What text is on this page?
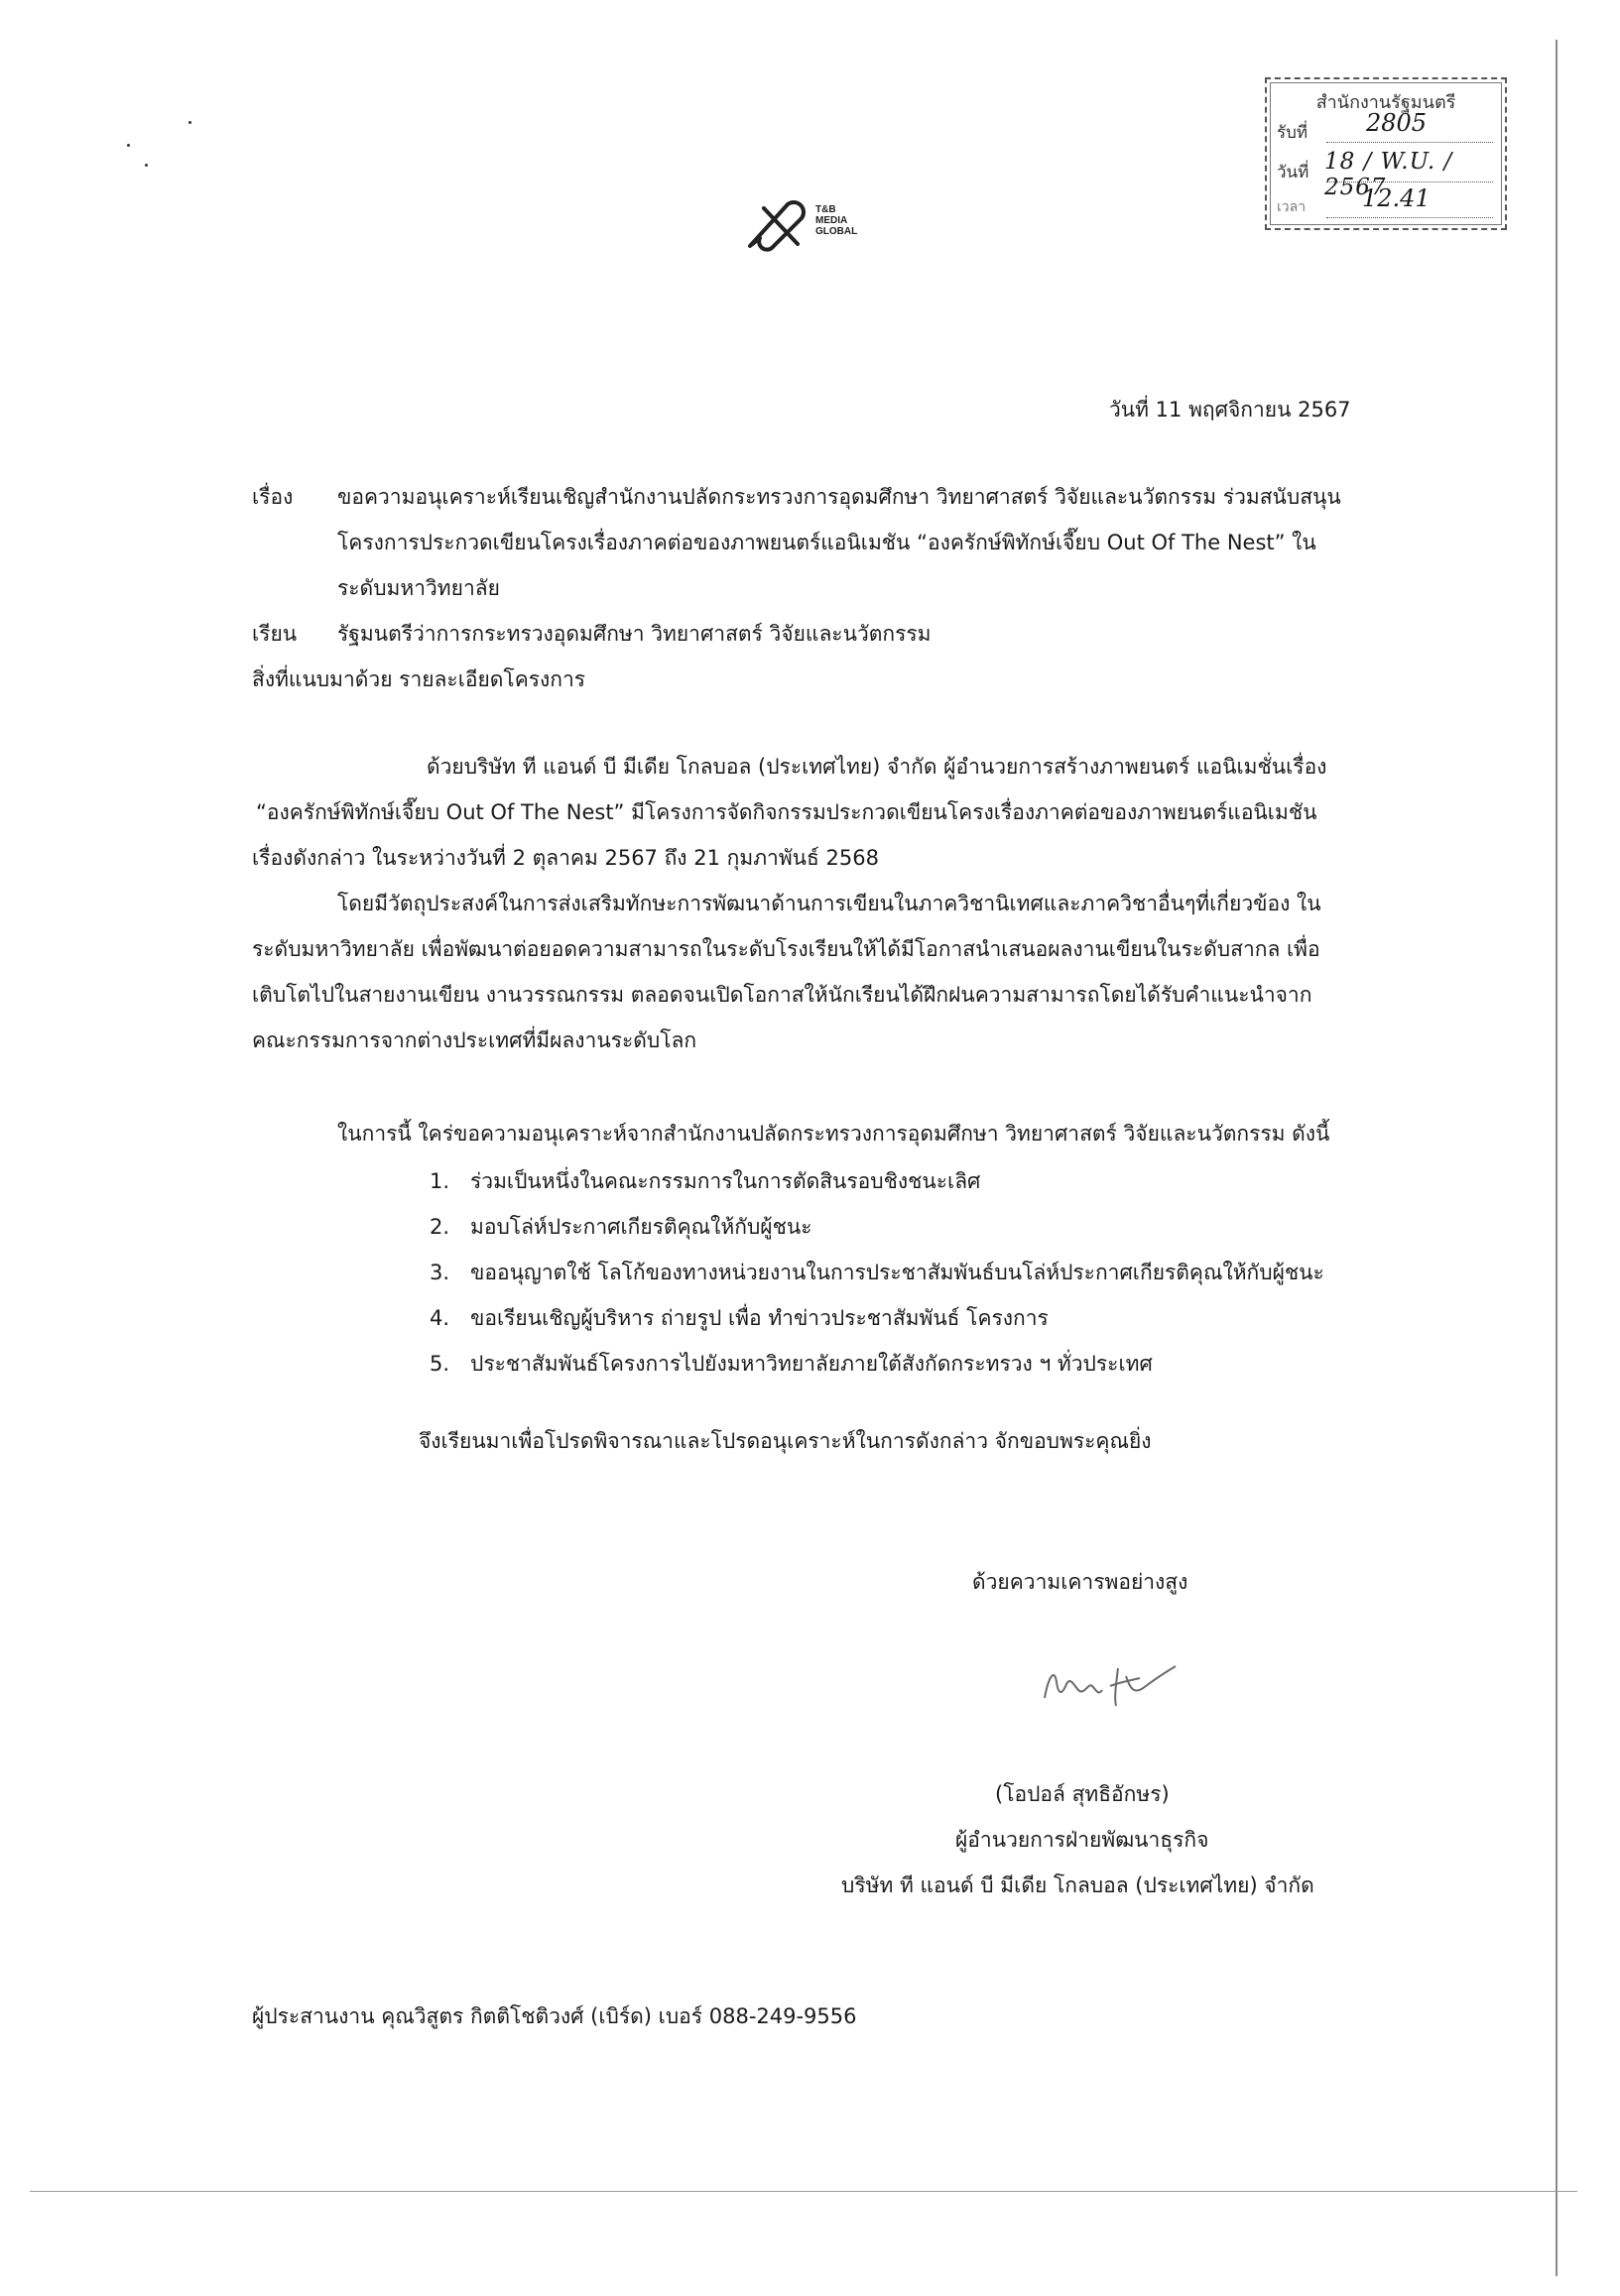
สำนักงานรัฐมนตรี
รับที่ 2805
วันที่ 18 / W.U. / 2567
เวลา 12.41
T&B
MEDIA
GLOBAL
วันที่ 11 พฤศจิกายน 2567
เรื่อง ขอความอนุเคราะห์เรียนเชิญสำนักงานปลัดกระทรวงการอุดมศึกษา วิทยาศาสตร์ วิจัยและนวัตกรรม ร่วมสนับสนุน
โครงการประกวดเขียนโครงเรื่องภาคต่อของภาพยนตร์แอนิเมชัน “องครักษ์พิทักษ์เจี๊ยบ Out Of The Nest” ใน
ระดับมหาวิทยาลัย
เรียน รัฐมนตรีว่าการกระทรวงอุดมศึกษา วิทยาศาสตร์ วิจัยและนวัตกรรม
สิ่งที่แนบมาด้วย รายละเอียดโครงการ
ด้วยบริษัท ที แอนด์ บี มีเดีย โกลบอล (ประเทศไทย) จำกัด ผู้อำนวยการสร้างภาพยนตร์ แอนิเมชั่นเรื่อง
“องครักษ์พิทักษ์เจี๊ยบ Out Of The Nest” มีโครงการจัดกิจกรรมประกวดเขียนโครงเรื่องภาคต่อของภาพยนตร์แอนิเมชัน
เรื่องดังกล่าว ในระหว่างวันที่ 2 ตุลาคม 2567 ถึง 21 กุมภาพันธ์ 2568
โดยมีวัตถุประสงค์ในการส่งเสริมทักษะการพัฒนาด้านการเขียนในภาควิชานิเทศและภาควิชาอื่นๆที่เกี่ยวข้อง ใน
ระดับมหาวิทยาลัย เพื่อพัฒนาต่อยอดความสามารถในระดับโรงเรียนให้ได้มีโอกาสนำเสนอผลงานเขียนในระดับสากล เพื่อ
เติบโตไปในสายงานเขียน งานวรรณกรรม ตลอดจนเปิดโอกาสให้นักเรียนได้ฝึกฝนความสามารถโดยได้รับคำแนะนำจาก
คณะกรรมการจากต่างประเทศที่มีผลงานระดับโลก
ในการนี้ ใคร่ขอความอนุเคราะห์จากสำนักงานปลัดกระทรวงการอุดมศึกษา วิทยาศาสตร์ วิจัยและนวัตกรรม ดังนี้
1. ร่วมเป็นหนึ่งในคณะกรรมการในการตัดสินรอบชิงชนะเลิศ
2. มอบโล่ห์ประกาศเกียรติคุณให้กับผู้ชนะ
3. ขออนุญาตใช้ โลโก้ของทางหน่วยงานในการประชาสัมพันธ์บนโล่ห์ประกาศเกียรติคุณให้กับผู้ชนะ
4. ขอเรียนเชิญผู้บริหาร ถ่ายรูป เพื่อ ทำข่าวประชาสัมพันธ์ โครงการ
5. ประชาสัมพันธ์โครงการไปยังมหาวิทยาลัยภายใต้สังกัดกระทรวง ฯ ทั่วประเทศ
จึงเรียนมาเพื่อโปรดพิจารณาและโปรดอนุเคราะห์ในการดังกล่าว จักขอบพระคุณยิ่ง
ด้วยความเคารพอย่างสูง
(โอปอล์ สุทธิอักษร)
ผู้อำนวยการฝ่ายพัฒนาธุรกิจ
บริษัท ที แอนด์ บี มีเดีย โกลบอล (ประเทศไทย) จำกัด
ผู้ประสานงาน คุณวิสูตร กิตติโชติวงศ์ (เบิร์ด) เบอร์ 088-249-9556
